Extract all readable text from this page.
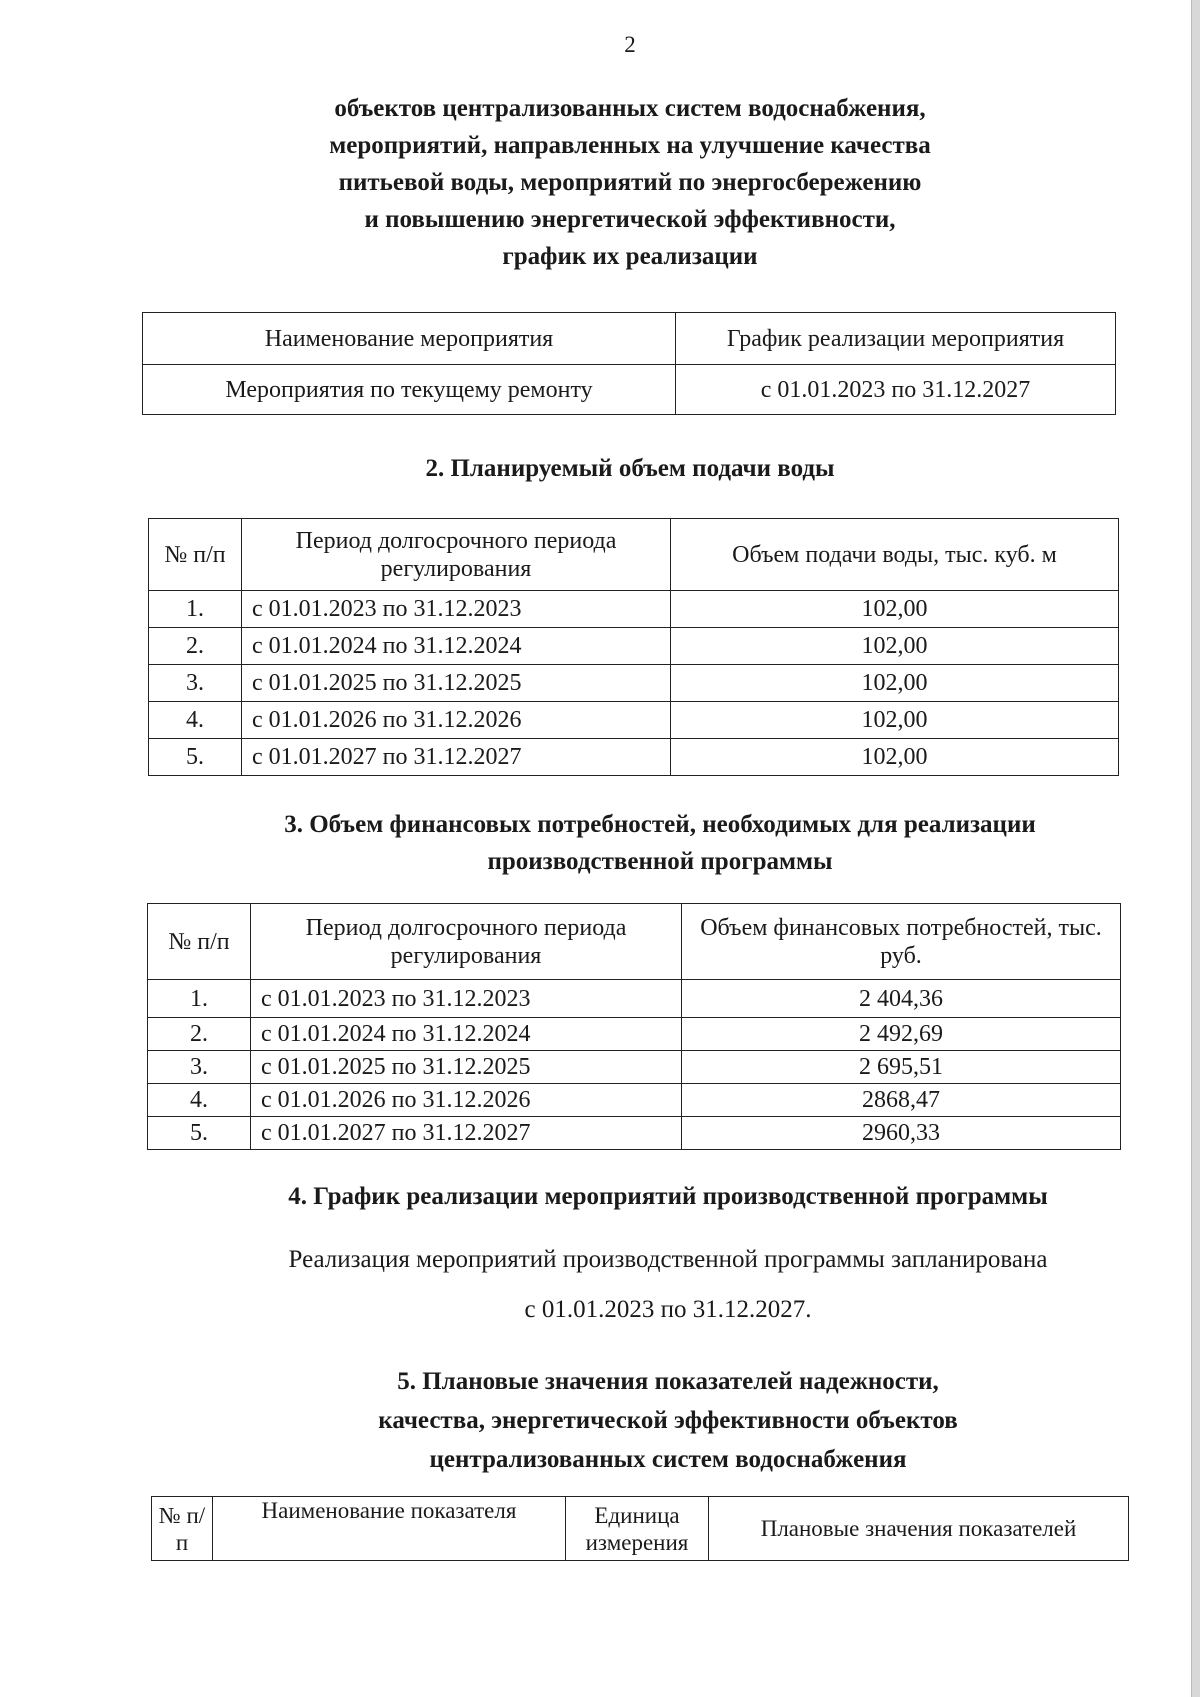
2
объектов централизованных систем водоснабжения,
мероприятий, направленных на улучшение качества
питьевой воды, мероприятий по энергосбережению
и повышению энергетической эффективности,
график их реализации
Наименование мероприятия	График реализации мероприятия
Мероприятия по текущему ремонту	с 01.01.2023 по 31.12.2027
2. Планируемый объем подачи воды
№ п/п	Период долгосрочного периода регулирования	Объем подачи воды, тыс. куб. м
1.	с 01.01.2023 по 31.12.2023	102,00
2.	с 01.01.2024 по 31.12.2024	102,00
3.	с 01.01.2025 по 31.12.2025	102,00
4.	с 01.01.2026 по 31.12.2026	102,00
5.	с 01.01.2027 по 31.12.2027	102,00
3. Объем финансовых потребностей, необходимых для реализации
производственной программы
№ п/п	Период долгосрочного периода регулирования	Объем финансовых потребностей, тыс. руб.
1.	с 01.01.2023 по 31.12.2023	2 404,36
2.	с 01.01.2024 по 31.12.2024	2 492,69
3.	с 01.01.2025 по 31.12.2025	2 695,51
4.	с 01.01.2026 по 31.12.2026	2868,47
5.	с 01.01.2027 по 31.12.2027	2960,33
4. График реализации мероприятий производственной программы
Реализация мероприятий производственной программы запланирована
с 01.01.2023 по 31.12.2027.
5. Плановые значения показателей надежности,
качества, энергетической эффективности объектов
централизованных систем водоснабжения
№ п/п	Наименование показателя	Единица измерения	Плановые значения показателей
